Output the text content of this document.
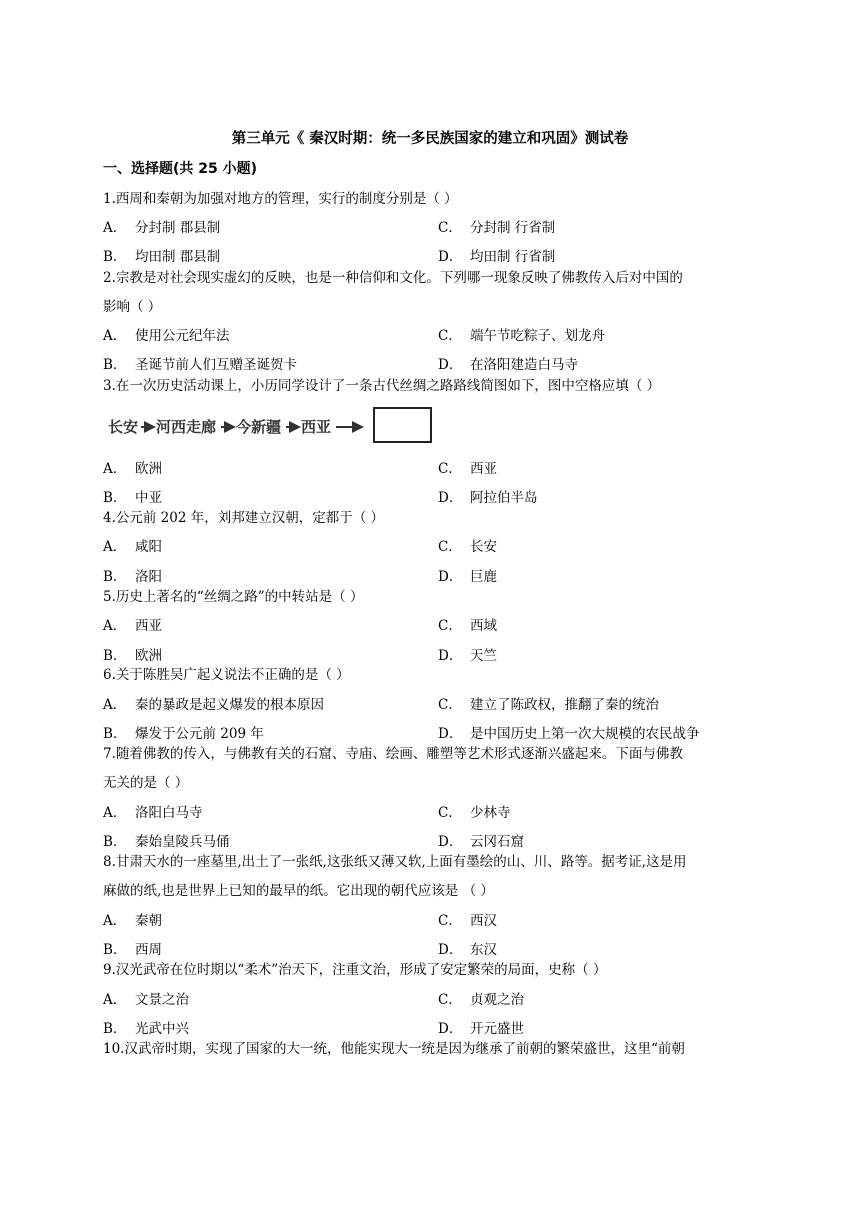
第三单元《 秦汉时期：统一多民族国家的建立和巩固》测试卷
一、选择题(共 25 小题)
1.西周和秦朝为加强对地方的管理，实行的制度分别是（ ）
A． 分封制 郡县制	C． 分封制 行省制
B． 均田制 郡县制	D． 均田制 行省制
2.宗教是对社会现实虚幻的反映，也是一种信仰和文化。下列哪一现象反映了佛教传入后对中国的
影响（ ）
A． 使用公元纪年法	C． 端午节吃粽子、划龙舟
B． 圣诞节前人们互赠圣诞贺卡	D． 在洛阳建造白马寺
3.在一次历史活动课上，小历同学设计了一条古代丝绸之路路线简图如下，图中空格应填（ ）
长安 河西走廊 今新疆 西亚
A． 欧洲	C． 西亚
B． 中亚	D． 阿拉伯半岛
4.公元前 202 年，刘邦建立汉朝，定都于（ ）
A． 咸阳	C． 长安
B． 洛阳	D． 巨鹿
5.历史上著名的“丝绸之路”的中转站是（ ）
A． 西亚	C． 西域
B． 欧洲	D． 天竺
6.关于陈胜吴广起义说法不正确的是（ ）
A． 秦的暴政是起义爆发的根本原因	C． 建立了陈政权，推翻了秦的统治
B． 爆发于公元前 209 年	D． 是中国历史上第一次大规模的农民战争
7.随着佛教的传入，与佛教有关的石窟、寺庙、绘画、雕塑等艺术形式逐渐兴盛起来。下面与佛教
无关的是（ ）
A． 洛阳白马寺	C． 少林寺
B． 秦始皇陵兵马俑	D． 云冈石窟
8.甘肃天水的一座墓里,出土了一张纸,这张纸又薄又软,上面有墨绘的山、川、路等。据考证,这是用
麻做的纸,也是世界上已知的最早的纸。它出现的朝代应该是 （ ）
A． 秦朝	C． 西汉
B． 西周	D． 东汉
9.汉光武帝在位时期以“柔术”治天下，注重文治，形成了安定繁荣的局面，史称（ ）
A． 文景之治	C． 贞观之治
B． 光武中兴	D． 开元盛世
10.汉武帝时期，实现了国家的大一统，他能实现大一统是因为继承了前朝的繁荣盛世，这里“前朝
